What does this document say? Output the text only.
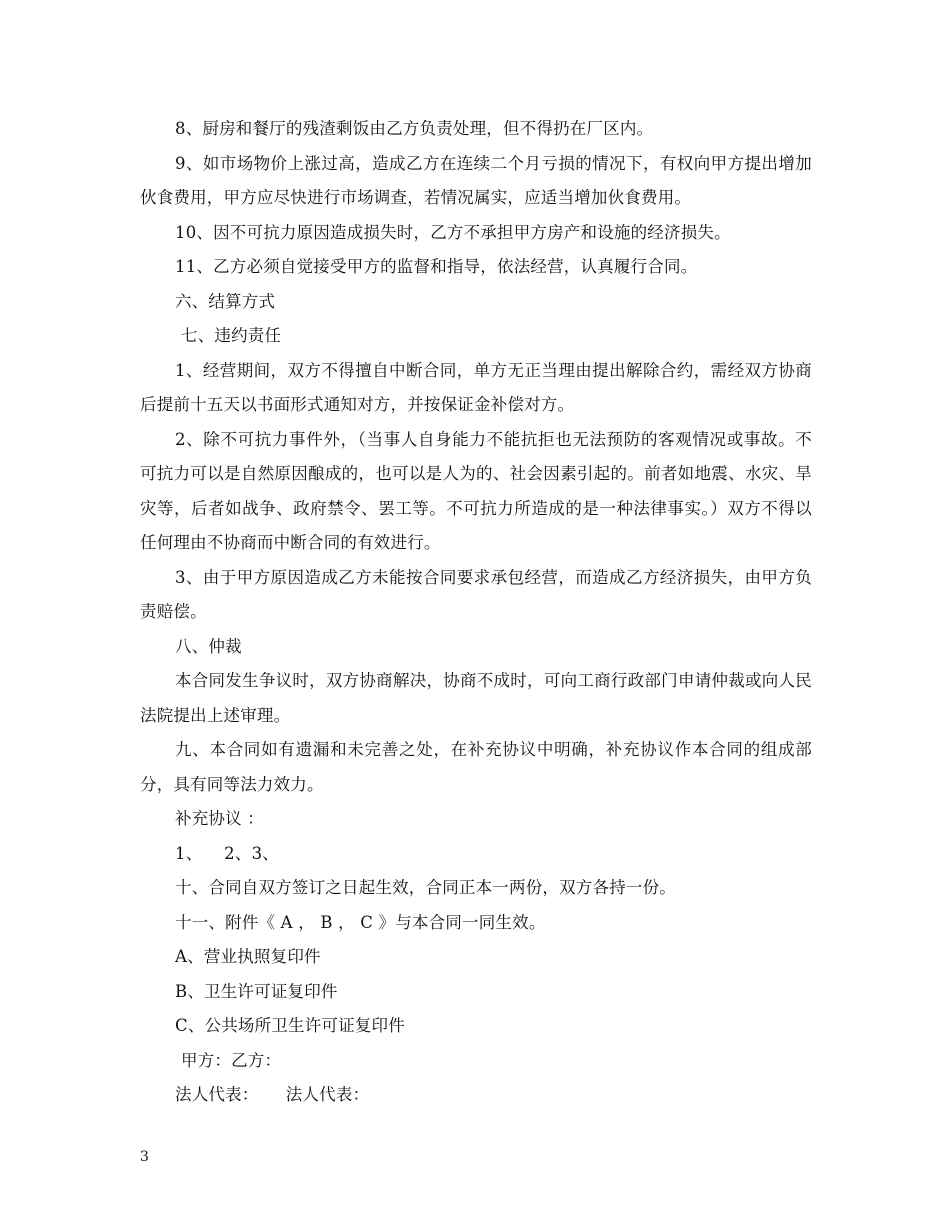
8、厨房和餐厅的残渣剩饭由乙方负责处理，但不得扔在厂区内。

9、如市场物价上涨过高，造成乙方在连续二个月亏损的情况下，有权向甲方提出增加伙食费用，甲方应尽快进行市场调查，若情况属实，应适当增加伙食费用。

10、因不可抗力原因造成损失时，乙方不承担甲方房产和设施的经济损失。

11、乙方必须自觉接受甲方的监督和指导，依法经营，认真履行合同。

六、结算方式

七、违约责任

1、经营期间，双方不得擅自中断合同，单方无正当理由提出解除合约，需经双方协商后提前十五天以书面形式通知对方，并按保证金补偿对方。

2、除不可抗力事件外，（当事人自身能力不能抗拒也无法预防的客观情况或事故。不可抗力可以是自然原因酿成的，也可以是人为的、社会因素引起的。前者如地震、水灾、旱灾等，后者如战争、政府禁令、罢工等。不可抗力所造成的是一种法律事实。）双方不得以任何理由不协商而中断合同的有效进行。

3、由于甲方原因造成乙方未能按合同要求承包经营，而造成乙方经济损失，由甲方负责赔偿。

八、仲裁

本合同发生争议时，双方协商解决，协商不成时，可向工商行政部门申请仲裁或向人民法院提出上述审理。

九、本合同如有遗漏和未完善之处，在补充协议中明确，补充协议作本合同的组成部分，具有同等法力效力。

补充协议 ：

1、    2、3、

十、合同自双方签订之日起生效，合同正本一两份，双方各持一份。

十一、附件《 A ， B ， C 》与本合同一同生效。

A、营业执照复印件

B、卫生许可证复印件

C、公共场所卫生许可证复印件

甲方：乙方：

法人代表：     法人代表：

3
